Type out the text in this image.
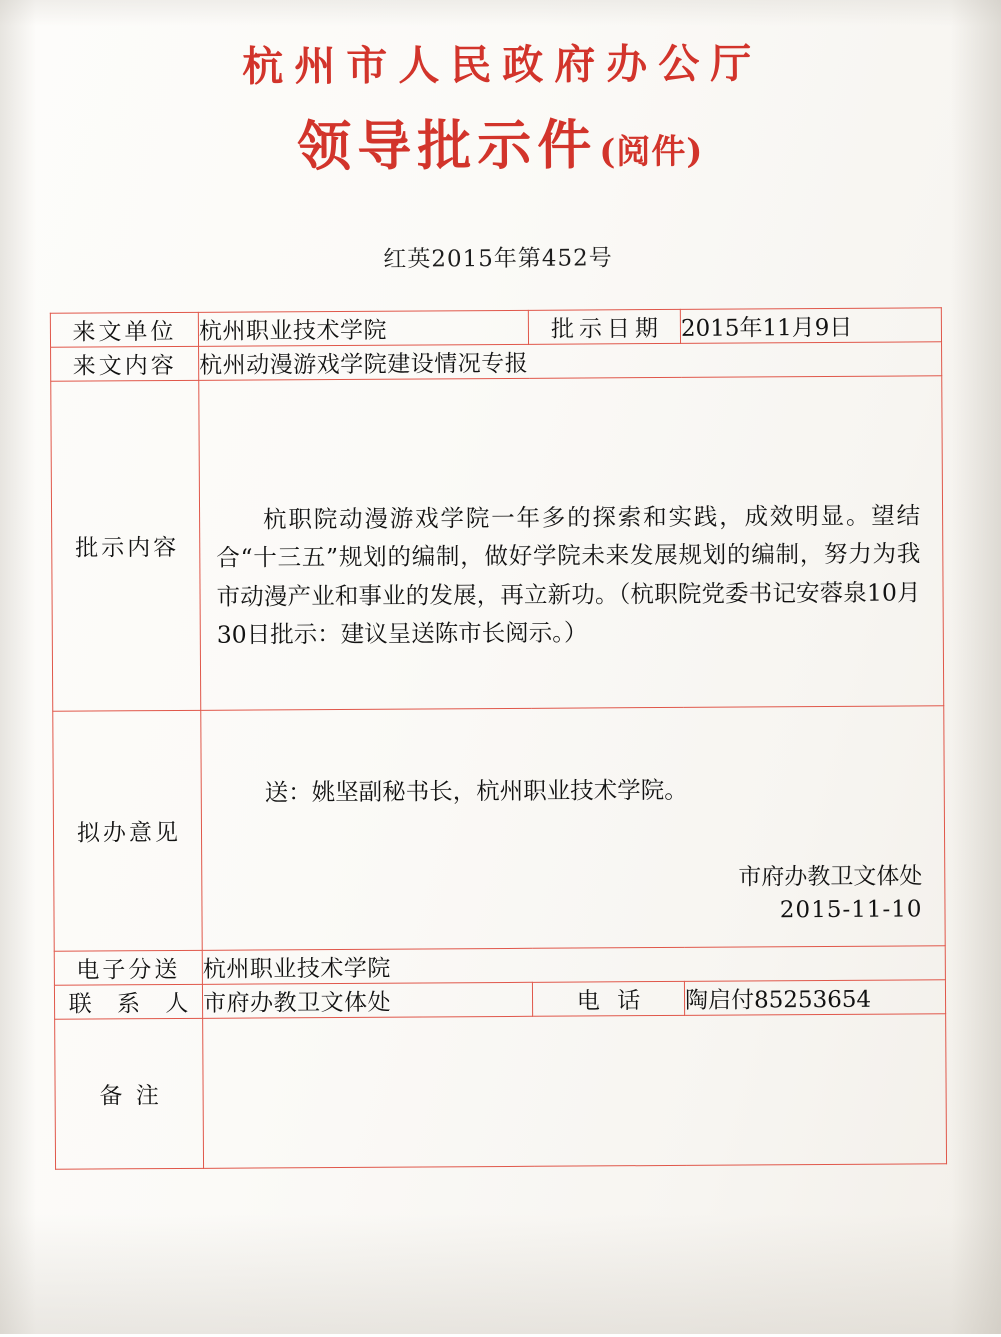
杭州市人民政府办公厅
领导批示件 (阅件)
红英2015年第452号
来文单位	杭州职业技术学院	批示日期	2015年11月9日
来文内容	杭州动漫游戏学院建设情况专报		
批示内容	杭职院动漫游戏学院一年多的探索和实践，成效明显。望结合“十三五”规划的编制，做好学院未来发展规划的编制，努力为我市动漫产业和事业的发展，再立新功。（杭职院党委书记安蓉泉10月30日批示：建议呈送陈市长阅示。）		

拟办意见	送：姚坚副秘书长，杭州职业技术学院。
市府办教卫文体处
2015-11-10		

电子分送	杭州职业技术学院		
联 系 人	市府办教卫文体处	电 话	陶启付85253654
备 注			
